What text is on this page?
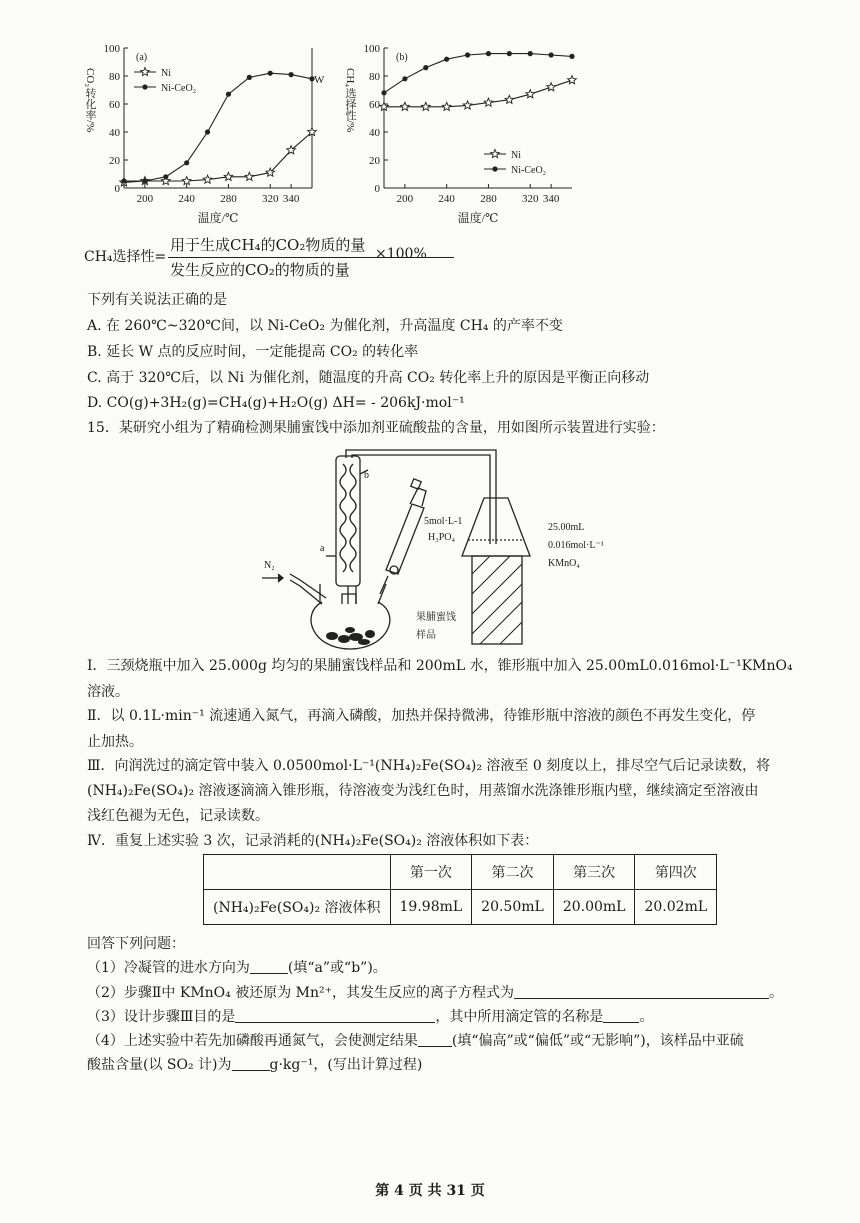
0
20
40
60
80
100
200 240 280 320 340
(a)
温度/℃
CO₂转化率/%	Ni
Ni-CeO₂
W
0
20
40
60
80
100
200 240 280 320 340
(b)
温度/℃
CH₄选择性/%
Ni
Ni-CeO₂
CH₄选择性=
用于生成CH₄的CO₂物质的量
发生反应的CO₂的物质的量
×100%
下列有关说法正确的是
A. 在 260℃~320℃间，以 Ni-CeO₂ 为催化剂，升高温度 CH₄ 的产率不变
B. 延长 W 点的反应时间，一定能提高 CO₂ 的转化率
C. 高于 320℃后，以 Ni 为催化剂，随温度的升高 CO₂ 转化率上升的原因是平衡正向移动
D. CO(g)+3H₂(g)=CH₄(g)+H₂O(g) ΔH= - 206kJ·mol⁻¹
15．某研究小组为了精确检测果脯蜜饯中添加剂亚硫酸盐的含量，用如图所示装置进行实验：
b
a
N₂
5mol·L-1
H₃PO₄
果脯蜜饯
样品
25.00mL
0.016mol·L⁻¹
KMnO₄
Ⅰ．三颈烧瓶中加入 25.000g 均匀的果脯蜜饯样品和 200mL 水，锥形瓶中加入 25.00mL0.016mol·L⁻¹KMnO₄
溶液。
Ⅱ．以 0.1L·min⁻¹ 流速通入氮气，再滴入磷酸，加热并保持微沸，待锥形瓶中溶液的颜色不再发生变化，停
止加热。
Ⅲ．向润洗过的滴定管中装入 0.0500mol·L⁻¹(NH₄)₂Fe(SO₄)₂ 溶液至 0 刻度以上，排尽空气后记录读数，将
(NH₄)₂Fe(SO₄)₂ 溶液逐滴滴入锥形瓶，待溶液变为浅红色时，用蒸馏水洗涤锥形瓶内壁，继续滴定至溶液由
浅红色褪为无色，记录读数。
Ⅳ．重复上述实验 3 次，记录消耗的(NH₄)₂Fe(SO₄)₂ 溶液体积如下表：
	第一次	第二次	第三次	第四次
(NH₄)₂Fe(SO₄)₂ 溶液体积	19.98mL	20.50mL	20.00mL	20.02mL
回答下列问题：
（1）冷凝管的进水方向为	(填“a”或“b”)。
（2）步骤Ⅱ中 KMnO₄ 被还原为 Mn²⁺，其发生反应的离子方程式为	。
（3）设计步骤Ⅲ目的是	，其中所用滴定管的名称是	。
（4）上述实验中若先加磷酸再通氮气，会使测定结果 (填“偏高”或“偏低”或“无影响”)，该样品中亚硫
酸盐含量(以 SO₂ 计)为	g·kg⁻¹，(写出计算过程)
第 4 页 共 31 页
